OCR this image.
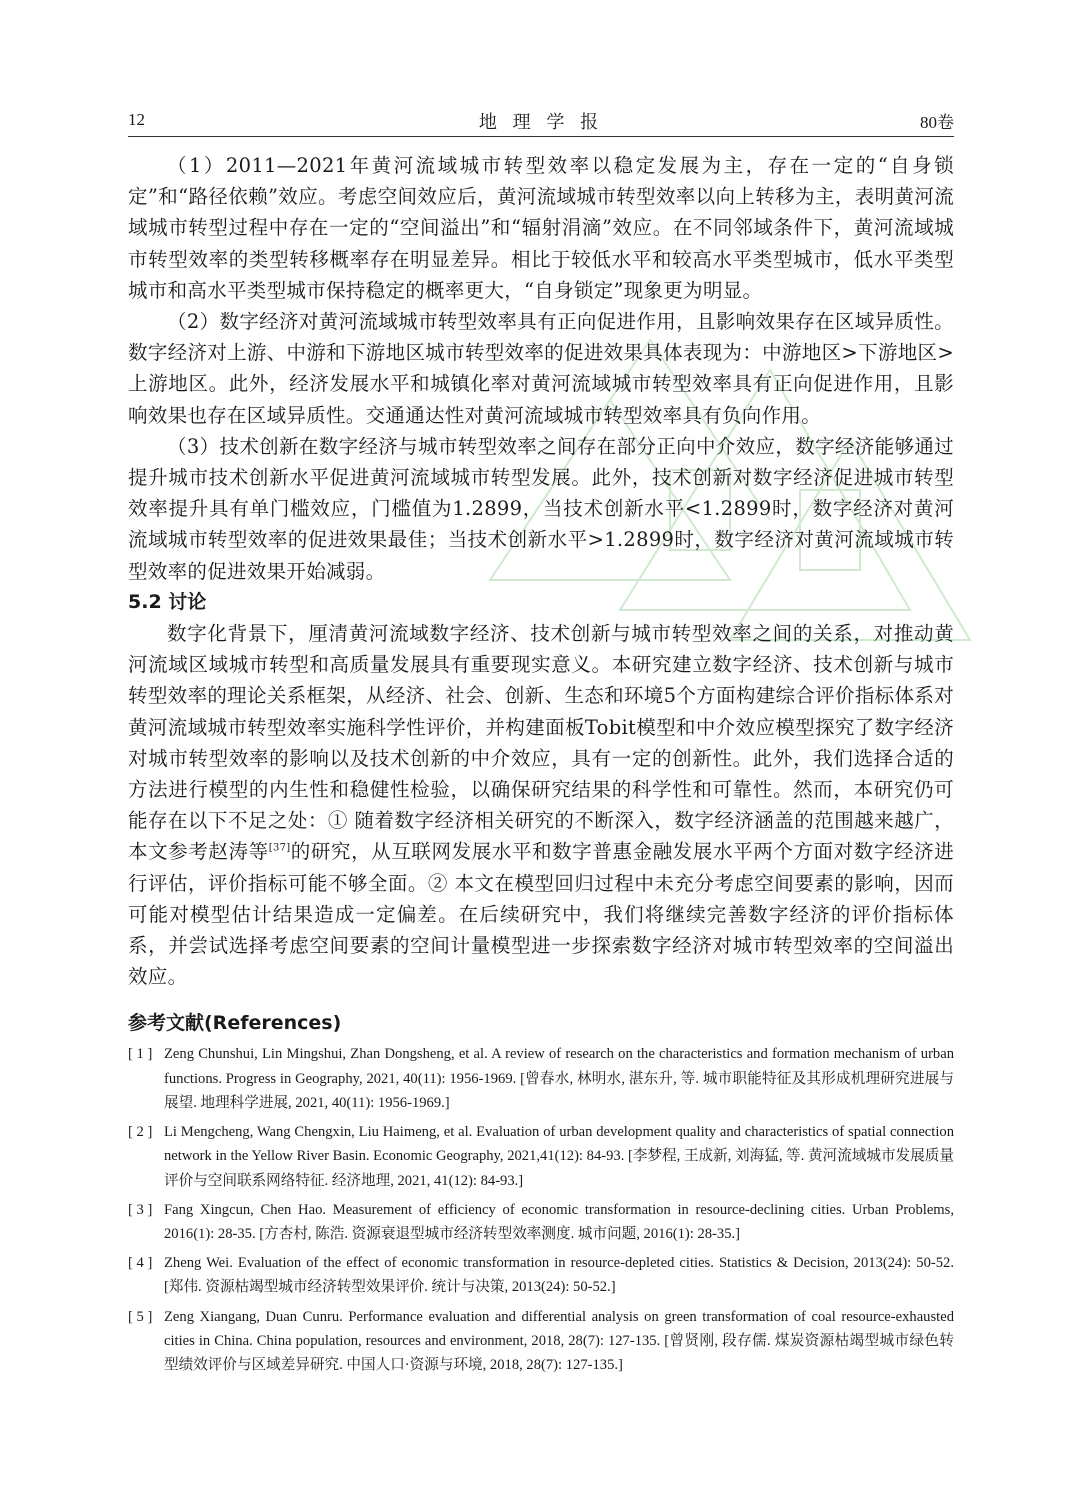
12	地 理 学 报	80卷

（1）2011—2021年黄河流域城市转型效率以稳定发展为主，存在一定的“自身锁定”和“路径依赖”效应。考虑空间效应后，黄河流域城市转型效率以向上转移为主，表明黄河流域城市转型过程中存在一定的“空间溢出”和“辐射涓滴”效应。在不同邻域条件下，黄河流域城市转型效率的类型转移概率存在明显差异。相比于较低水平和较高水平类型城市，低水平类型城市和高水平类型城市保持稳定的概率更大，“自身锁定”现象更为明显。

（2）数字经济对黄河流域城市转型效率具有正向促进作用，且影响效果存在区域异质性。数字经济对上游、中游和下游地区城市转型效率的促进效果具体表现为：中游地区>下游地区>上游地区。此外，经济发展水平和城镇化率对黄河流域城市转型效率具有正向促进作用，且影响效果也存在区域异质性。交通通达性对黄河流域城市转型效率具有负向作用。

（3）技术创新在数字经济与城市转型效率之间存在部分正向中介效应，数字经济能够通过提升城市技术创新水平促进黄河流域城市转型发展。此外，技术创新对数字经济促进城市转型效率提升具有单门槛效应，门槛值为1.2899，当技术创新水平<1.2899时，数字经济对黄河流域城市转型效率的促进效果最佳；当技术创新水平>1.2899时，数字经济对黄河流域城市转型效率的促进效果开始减弱。

5.2 讨论

数字化背景下，厘清黄河流域数字经济、技术创新与城市转型效率之间的关系，对推动黄河流域区域城市转型和高质量发展具有重要现实意义。本研究建立数字经济、技术创新与城市转型效率的理论关系框架，从经济、社会、创新、生态和环境5个方面构建综合评价指标体系对黄河流域城市转型效率实施科学性评价，并构建面板Tobit模型和中介效应模型探究了数字经济对城市转型效率的影响以及技术创新的中介效应，具有一定的创新性。此外，我们选择合适的方法进行模型的内生性和稳健性检验，以确保研究结果的科学性和可靠性。然而，本研究仍可能存在以下不足之处：① 随着数字经济相关研究的不断深入，数字经济涵盖的范围越来越广，本文参考赵涛等[37]的研究，从互联网发展水平和数字普惠金融发展水平两个方面对数字经济进行评估，评价指标可能不够全面。② 本文在模型回归过程中未充分考虑空间要素的影响，因而可能对模型估计结果造成一定偏差。在后续研究中，我们将继续完善数字经济的评价指标体系，并尝试选择考虑空间要素的空间计量模型进一步探索数字经济对城市转型效率的空间溢出效应。

参考文献(References)

[ 1 ] Zeng Chunshui, Lin Mingshui, Zhan Dongsheng, et al. A review of research on the characteristics and formation mechanism of urban functions. Progress in Geography, 2021, 40(11): 1956-1969. [曾春水, 林明水, 湛东升, 等. 城市职能特征及其形成机理研究进展与展望. 地理科学进展, 2021, 40(11): 1956-1969.]

[ 2 ] Li Mengcheng, Wang Chengxin, Liu Haimeng, et al. Evaluation of urban development quality and characteristics of spatial connection network in the Yellow River Basin. Economic Geography, 2021,41(12): 84-93. [李梦程, 王成新, 刘海猛, 等. 黄河流域城市发展质量评价与空间联系网络特征. 经济地理, 2021, 41(12): 84-93.]

[ 3 ] Fang Xingcun, Chen Hao. Measurement of efficiency of economic transformation in resource-declining cities. Urban Problems, 2016(1): 28-35. [方杏村, 陈浩. 资源衰退型城市经济转型效率测度. 城市问题, 2016(1): 28-35.]

[ 4 ] Zheng Wei. Evaluation of the effect of economic transformation in resource-depleted cities. Statistics & Decision, 2013(24): 50-52. [郑伟. 资源枯竭型城市经济转型效果评价. 统计与决策, 2013(24): 50-52.]

[ 5 ] Zeng Xiangang, Duan Cunru. Performance evaluation and differential analysis on green transformation of coal resource-exhausted cities in China. China population, resources and environment, 2018, 28(7): 127-135. [曾贤刚, 段存儒. 煤炭资源枯竭型城市绿色转型绩效评价与区域差异研究. 中国人口·资源与环境, 2018, 28(7): 127-135.]
